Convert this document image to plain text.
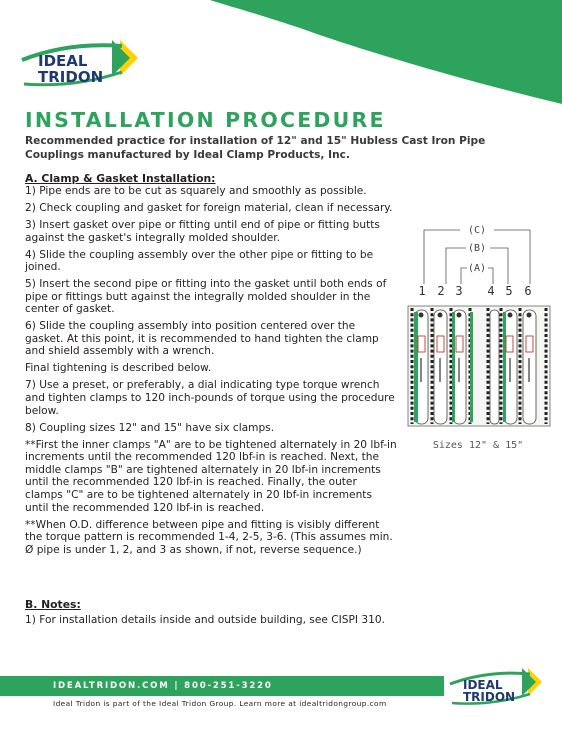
IDEAL
TRIDON
INSTALLATION PROCEDURE
Recommended practice for installation of 12" and 15" Hubless Cast Iron Pipe Couplings manufactured by Ideal Clamp Products, Inc.
A. Clamp & Gasket Installation:

1) Pipe ends are to be cut as squarely and smoothly as possible.

2) Check coupling and gasket for foreign material, clean if necessary.

3) Insert gasket over pipe or fitting until end of pipe or fitting butts against the gasket's integrally molded shoulder.

4) Slide the coupling assembly over the other pipe or fitting to be joined.

5) Insert the second pipe or fitting into the gasket until both ends of pipe or fittings butt against the integrally molded shoulder in the center of gasket.

6) Slide the coupling assembly into position centered over the gasket. At this point, it is recommended to hand tighten the clamp and shield assembly with a wrench.

Final tightening is described below.

7) Use a preset, or preferably, a dial indicating type torque wrench and tighten clamps to 120 inch-pounds of torque using the procedure below.

8) Coupling sizes 12" and 15" have six clamps.

**First the inner clamps "A" are to be tightened alternately in 20 lbf-in increments until the recommended 120 lbf-in is reached. Next, the middle clamps "B" are tightened alternately in 20 lbf-in increments until the recommended 120 lbf-in is reached. Finally, the outer clamps "C" are to be tightened alternately in 20 lbf-in increments until the recommended 120 lbf-in is reached.

**When O.D. difference between pipe and fitting is visibly different the torque pattern is recommended 1-4, 2-5, 3-6. (This assumes min. Ø pipe is under 1, 2, and 3 as shown, if not, reverse sequence.)

B. Notes:
1) For installation details inside and outside building, see CISPI 310.
(C)
(B)
(A)
1 2 3 4 5 6
Sizes 12" & 15"
IDEALTRIDON.COM | 800-251-3220
Ideal Tridon is part of the Ideal Tridon Group. Learn more at idealtridongroup.com
IDEAL
TRIDON
